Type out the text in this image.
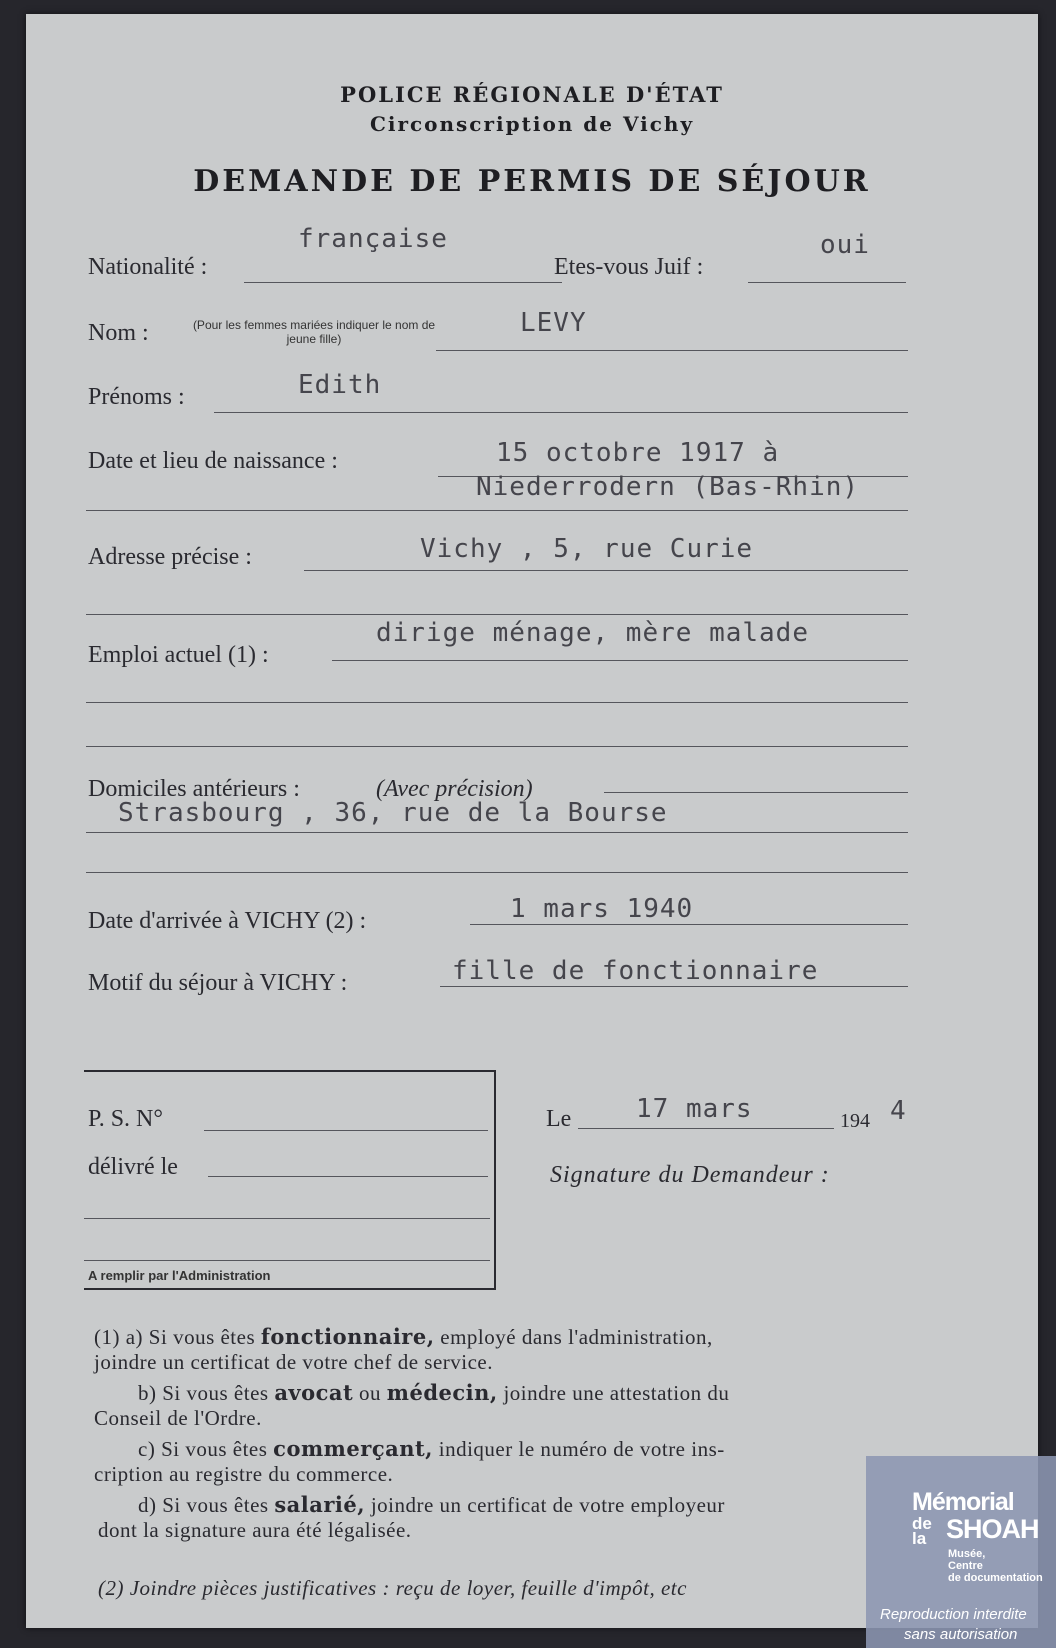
POLICE RÉGIONALE D'ÉTAT
Circonscription de Vichy
DEMANDE DE PERMIS DE SÉJOUR
Nationalité :
française
Etes-vous Juif :
oui
Nom :	(Pour les femmes mariées indiquer le nom de jeune fille)
LEVY
Prénoms :	Edith
Date et lieu de naissance :	15 octobre 1917 à
Niederrodern (Bas-Rhin)
Adresse précise :	Vichy , 5, rue Curie
Emploi actuel (1) :
dirige ménage, mère malade
Domiciles antérieurs :	(Avec précision)
Strasbourg , 36, rue de la Bourse
Date d'arrivée à VICHY (2) :	1 mars 1940
Motif du séjour à VICHY :	fille de fonctionnaire
P. S. N°
délivré le
A remplir par l'Administration
Le 17 mars	194 4
Signature du Demandeur :
(1) a) Si vous êtes fonctionnaire, employé dans l'administration,
joindre un certificat de votre chef de service.
b) Si vous êtes avocat ou médecin, joindre une attestation du
Conseil de l'Ordre.
c) Si vous êtes commerçant, indiquer le numéro de votre ins-
cription au registre du commerce.
d) Si vous êtes salarié, joindre un certificat de votre employeur
dont la signature aura été légalisée.
(2) Joindre pièces justificatives : reçu de loyer, feuille d'impôt, etc
Mémorial
de la SHOAH
Musée,
Centre
de documentation
Reproduction interdite
sans autorisation
